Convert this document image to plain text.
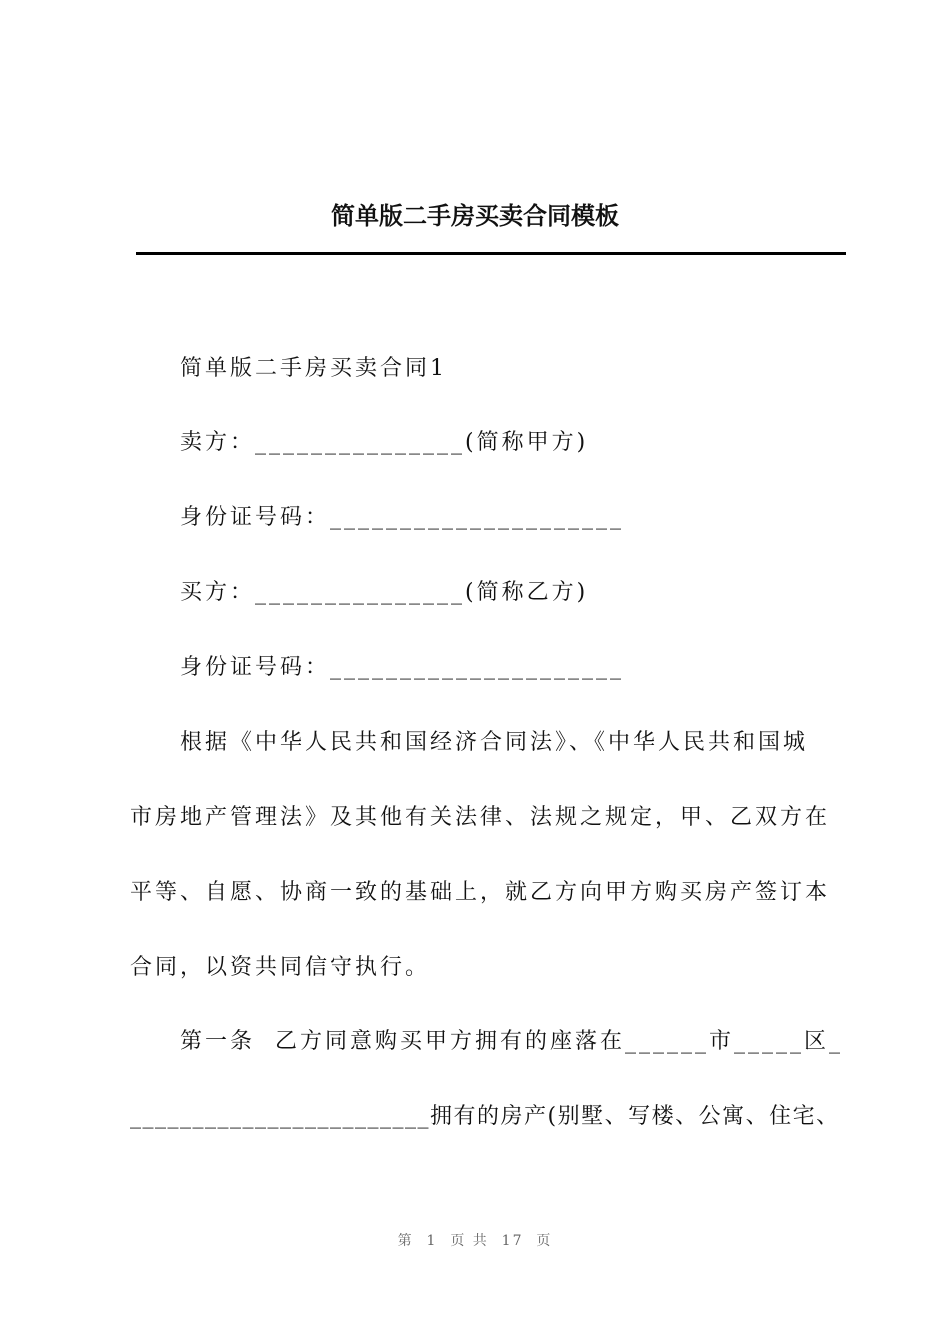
简单版二手房买卖合同模板
简单版二手房买卖合同1
卖方：_______________(简称甲方)
身份证号码：_____________________
买方：_______________(简称乙方)
身份证号码：_____________________
根据《中华人民共和国经济合同法》、《中华人民共和国城
市房地产管理法》及其他有关法律、法规之规定，甲、乙双方在
平等、自愿、协商一致的基础上，就乙方向甲方购买房产签订本
合同，以资共同信守执行。
第一条  乙方同意购买甲方拥有的座落在______市_____区_
________________________拥有的房产(别墅、写楼、公寓、住宅、
第  1  页 共  17  页
